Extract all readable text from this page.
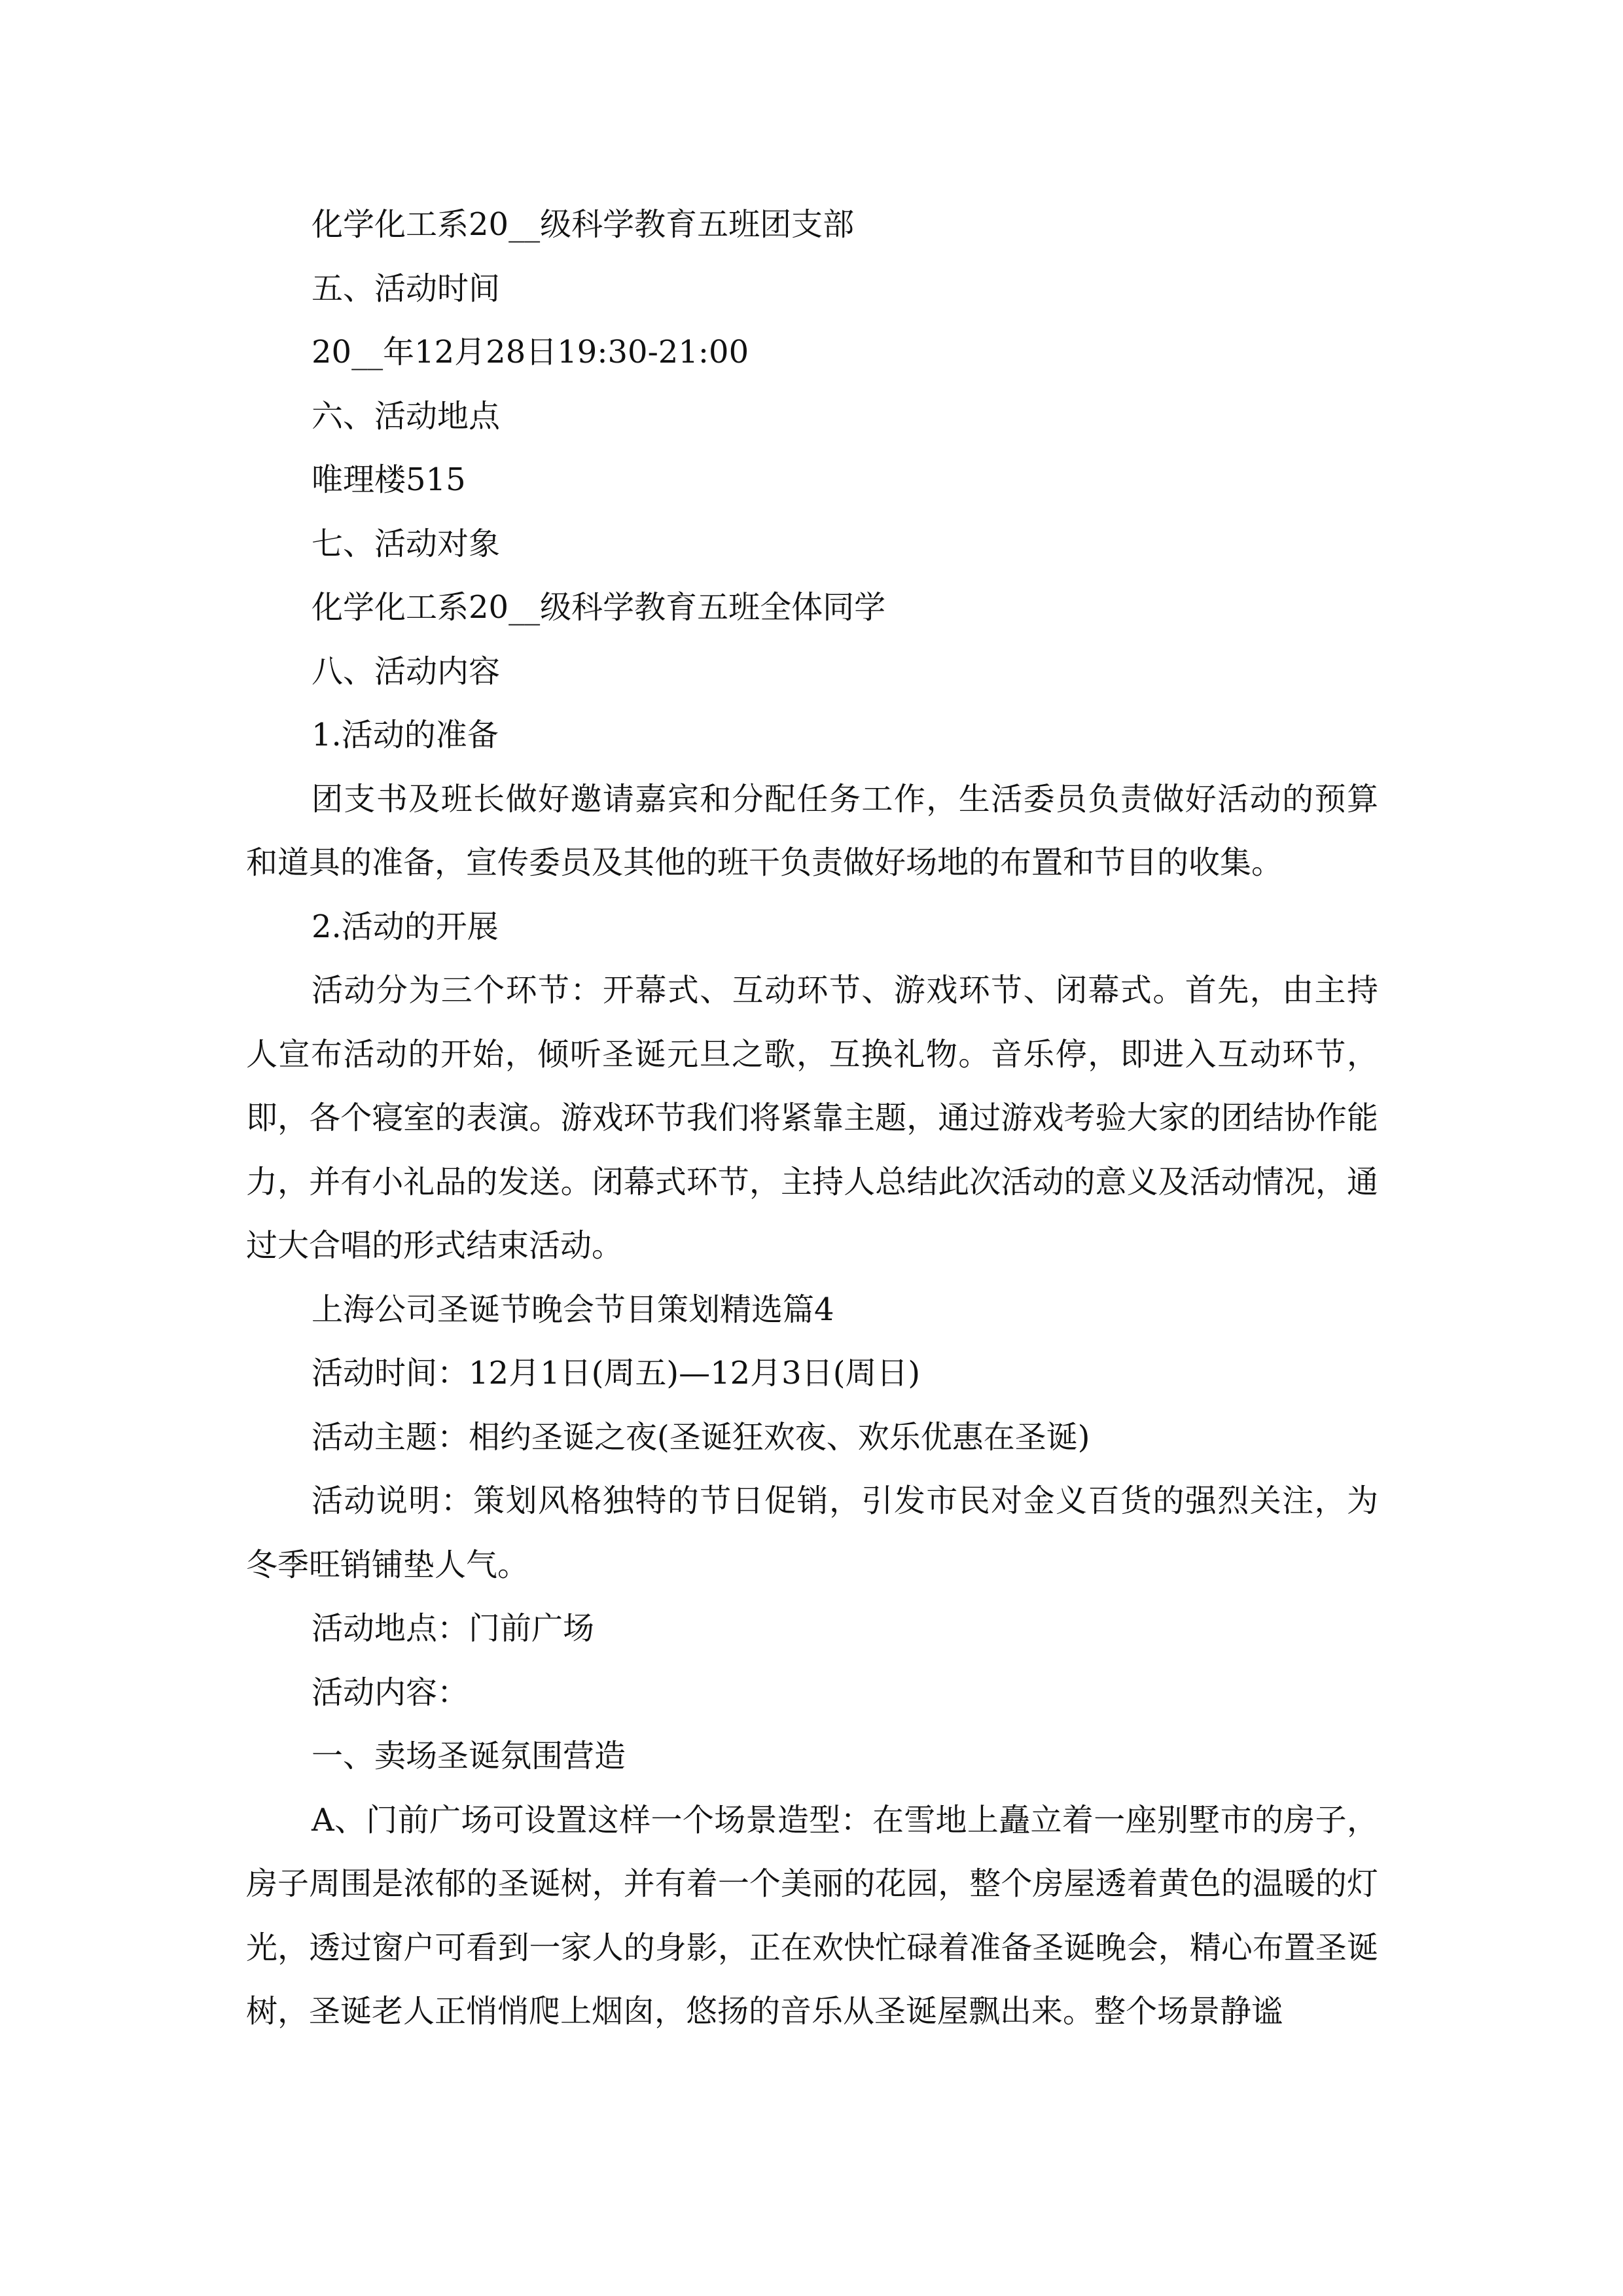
化学化工系20__级科学教育五班团支部

五、活动时间

20__年12月28日19:30-21:00

六、活动地点

唯理楼515

七、活动对象

化学化工系20__级科学教育五班全体同学

八、活动内容

1.活动的准备

团支书及班长做好邀请嘉宾和分配任务工作，生活委员负责做好活动的预算和道具的准备，宣传委员及其他的班干负责做好场地的布置和节目的收集。

2.活动的开展

活动分为三个环节：开幕式、互动环节、游戏环节、闭幕式。首先，由主持人宣布活动的开始，倾听圣诞元旦之歌，互换礼物。音乐停，即进入互动环节，即，各个寝室的表演。游戏环节我们将紧靠主题，通过游戏考验大家的团结协作能力，并有小礼品的发送。闭幕式环节，主持人总结此次活动的意义及活动情况，通过大合唱的形式结束活动。

上海公司圣诞节晚会节目策划精选篇4

活动时间：12月1日(周五)—12月3日(周日)

活动主题：相约圣诞之夜(圣诞狂欢夜、欢乐优惠在圣诞)

活动说明：策划风格独特的节日促销，引发市民对金义百货的强烈关注，为冬季旺销铺垫人气。

活动地点：门前广场

活动内容：

一、卖场圣诞氛围营造

A、门前广场可设置这样一个场景造型：在雪地上矗立着一座别墅市的房子，房子周围是浓郁的圣诞树，并有着一个美丽的花园，整个房屋透着黄色的温暖的灯光，透过窗户可看到一家人的身影，正在欢快忙碌着准备圣诞晚会，精心布置圣诞树，圣诞老人正悄悄爬上烟囱，悠扬的音乐从圣诞屋飘出来。整个场景静谧
